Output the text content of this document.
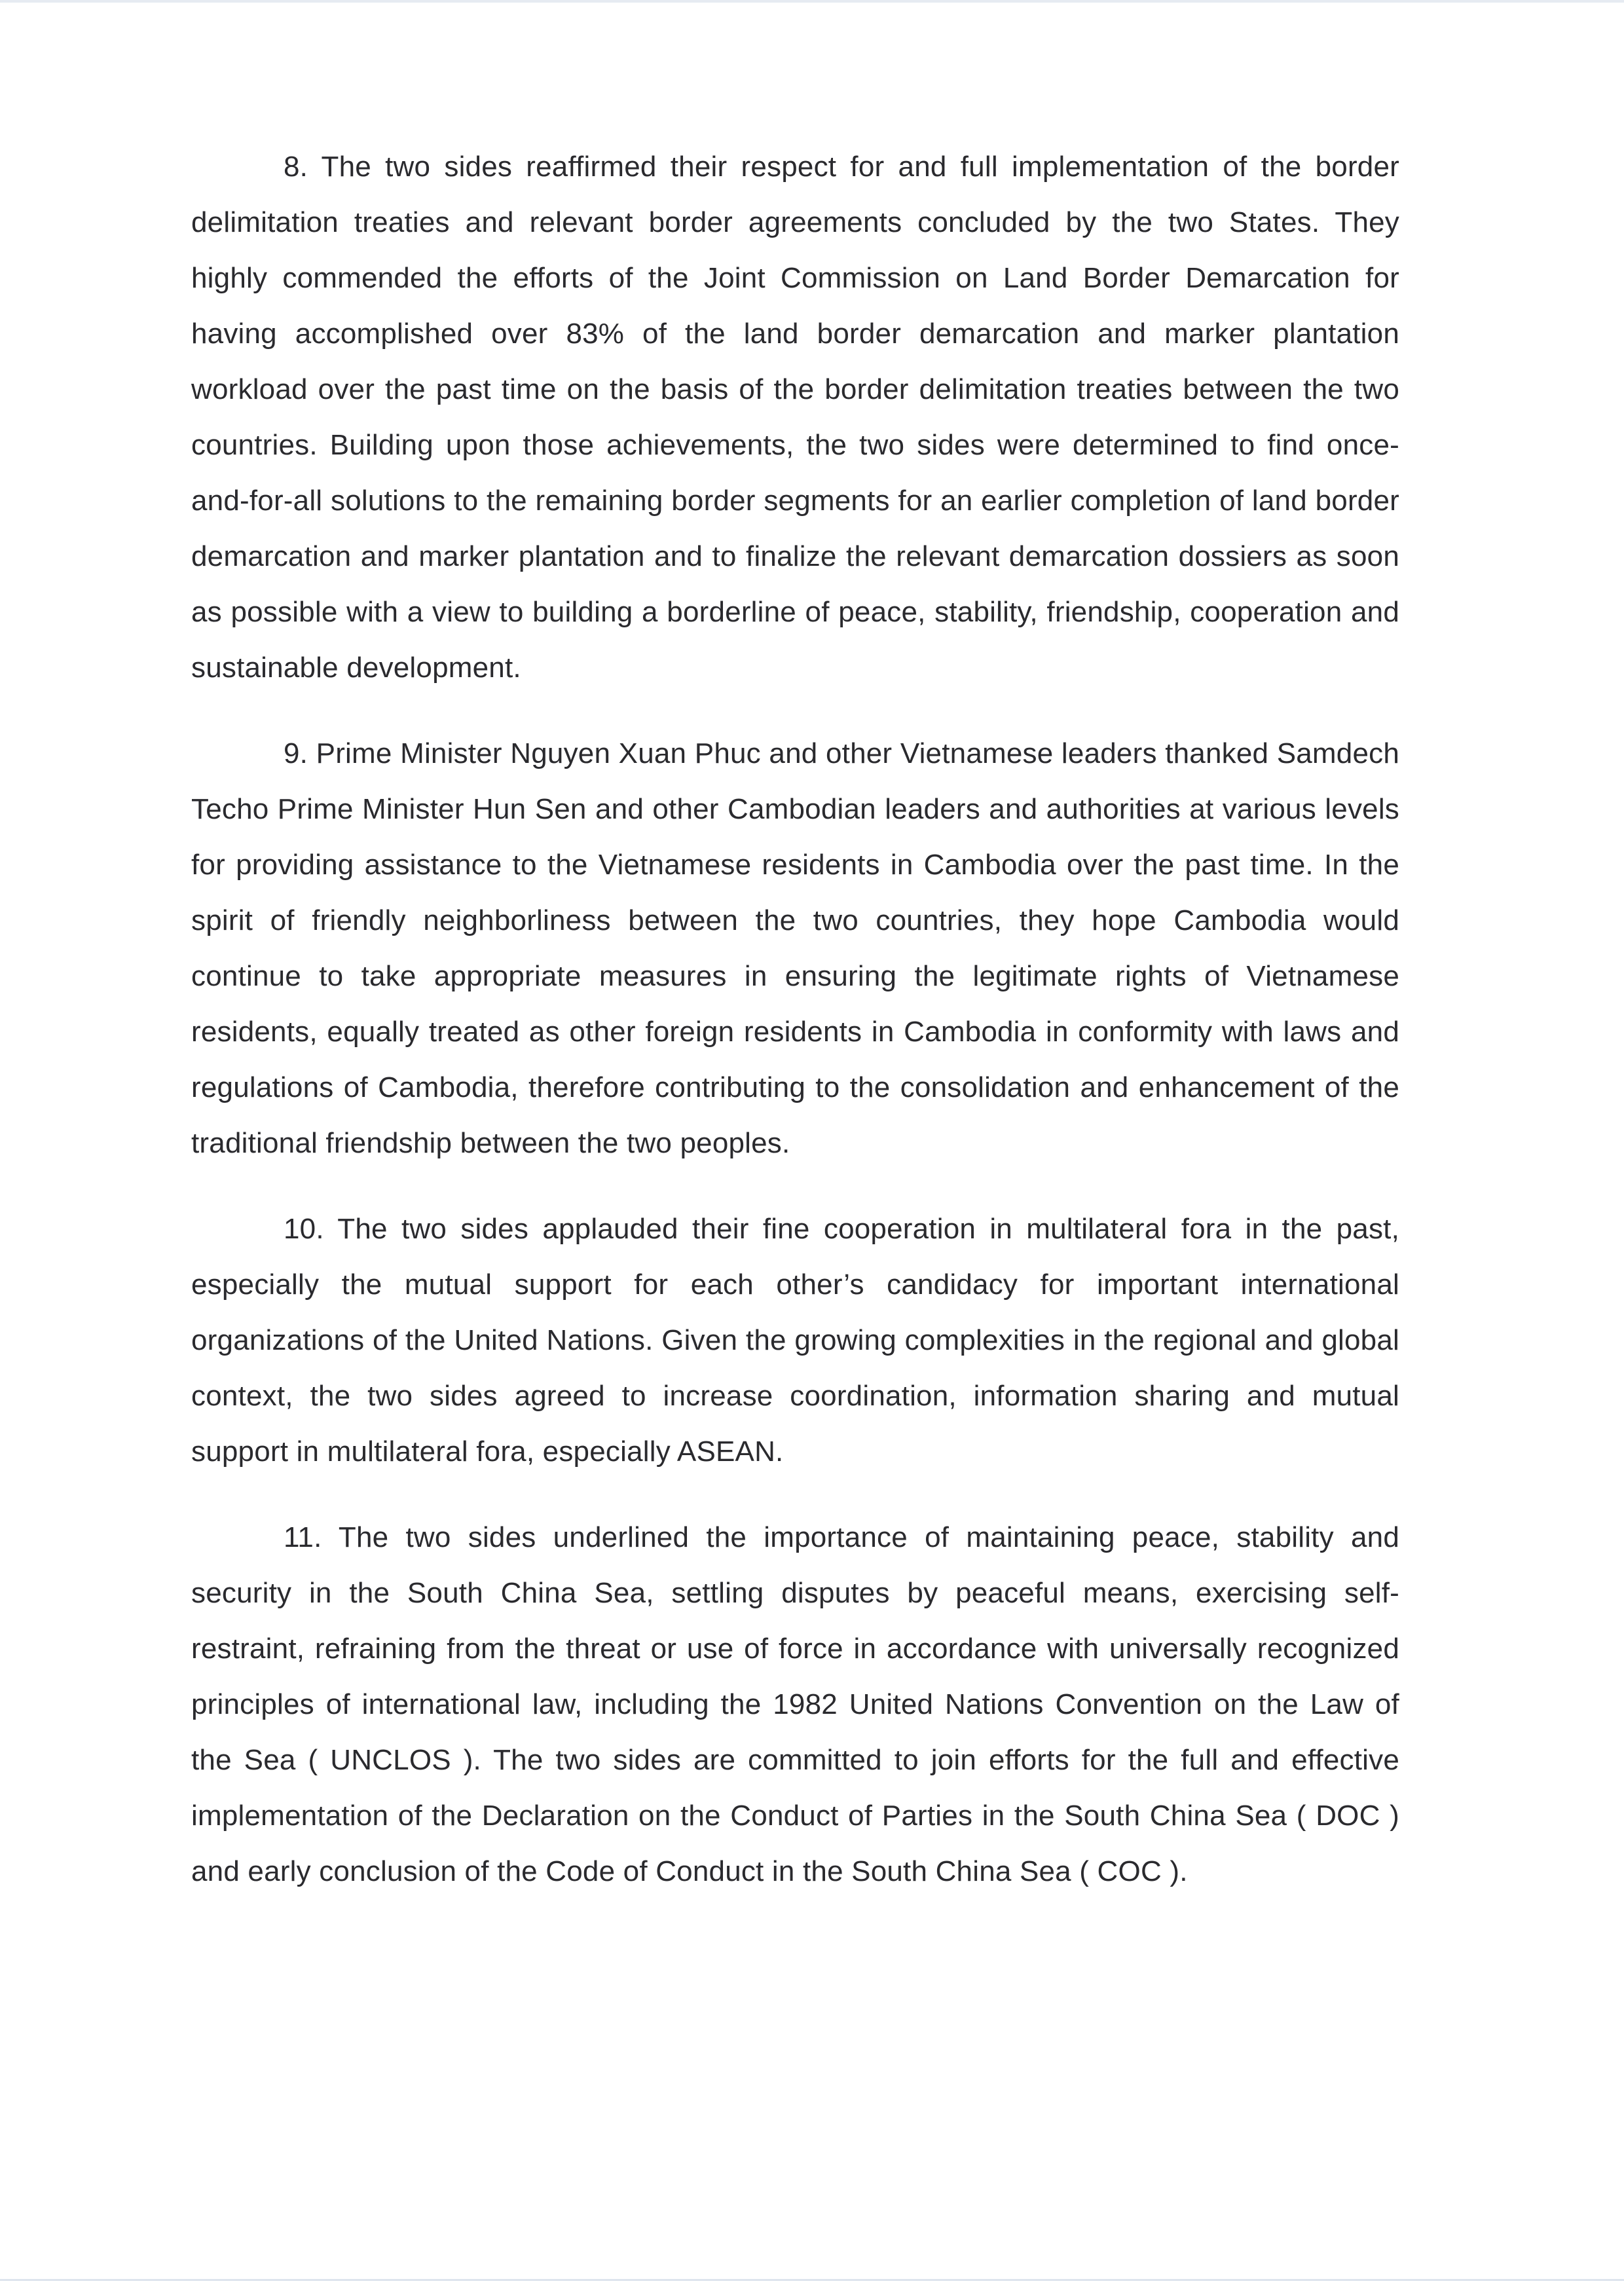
8. The two sides reaffirmed their respect for and full implementation of the border delimitation treaties and relevant border agreements concluded by the two States. They highly commended the efforts of the Joint Commission on Land Border Demarcation for having accomplished over 83% of the land border demarcation and marker plantation workload over the past time on the basis of the border delimitation treaties between the two countries. Building upon those achievements, the two sides were determined to find once-and-for-all solutions to the remaining border segments for an earlier completion of land border demarcation and marker plantation and to finalize the relevant demarcation dossiers as soon as possible with a view to building a borderline of peace, stability, friendship, cooperation and sustainable development.

9. Prime Minister Nguyen Xuan Phuc and other Vietnamese leaders thanked Samdech Techo Prime Minister Hun Sen and other Cambodian leaders and authorities at various levels for providing assistance to the Vietnamese residents in Cambodia over the past time. In the spirit of friendly neighborliness between the two countries, they hope Cambodia would continue to take appropriate measures in ensuring the legitimate rights of Vietnamese residents, equally treated as other foreign residents in Cambodia in conformity with laws and regulations of Cambodia, therefore contributing to the consolidation and enhancement of the traditional friendship between the two peoples.

10. The two sides applauded their fine cooperation in multilateral fora in the past, especially the mutual support for each other’s candidacy for important international organizations of the United Nations. Given the growing complexities in the regional and global context, the two sides agreed to increase coordination, information sharing and mutual support in multilateral fora, especially ASEAN.

11. The two sides underlined the importance of maintaining peace, stability and security in the South China Sea, settling disputes by peaceful means, exercising self-restraint, refraining from the threat or use of force in accordance with universally recognized principles of international law, including the 1982 United Nations Convention on the Law of the Sea ( UNCLOS ). The two sides are committed to join efforts for the full and effective implementation of the Declaration on the Conduct of Parties in the South China Sea ( DOC ) and early conclusion of the Code of Conduct in the South China Sea ( COC ).
